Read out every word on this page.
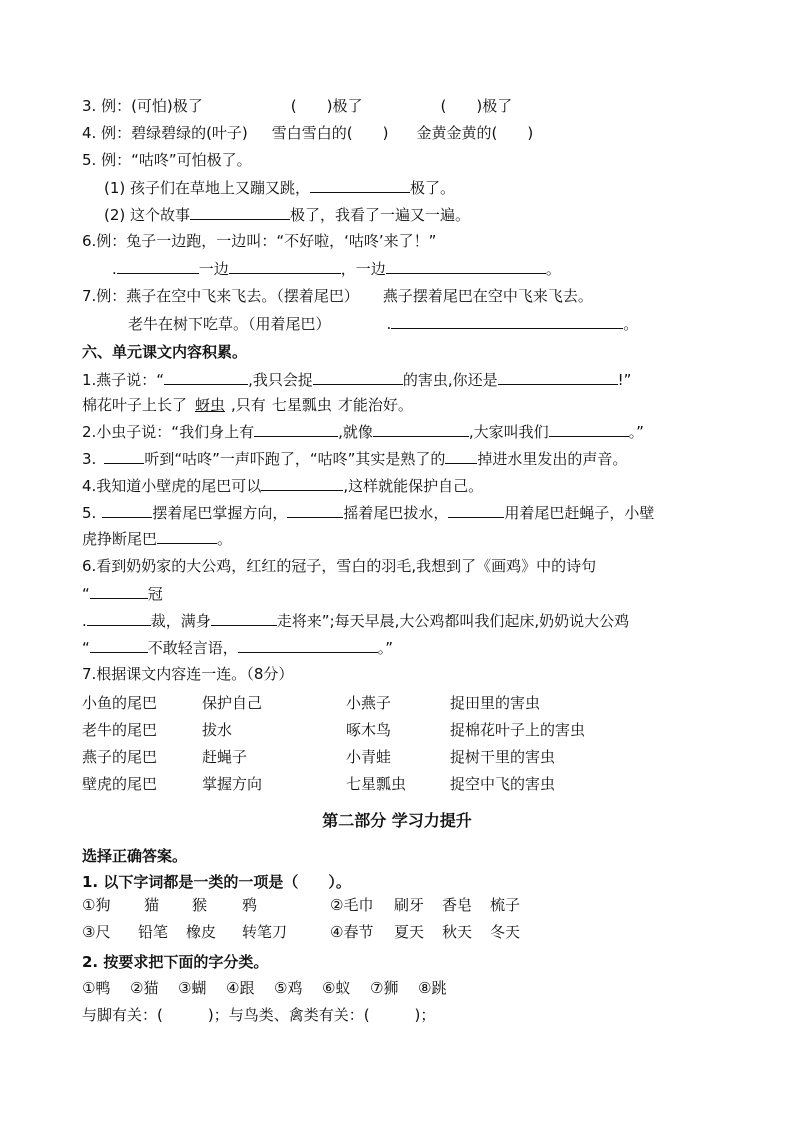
3. 例：(可怕)极了	(　　)极了	(　　)极了
4. 例：碧绿碧绿的(叶子) 雪白雪白的(　　) 金黄金黄的(　　)
5. 例：“咕咚”可怕极了。
(1) 孩子们在草地上又蹦又跳，	极了。
(2) 这个故事	极了，我看了一遍又一遍。
6.例：兔子一边跑，一边叫：“不好啦，‘咕咚’来了！”
.	一边	，一边	。
7.例：燕子在空中飞来飞去。（摆着尾巴） 燕子摆着尾巴在空中飞来飞去。
老牛在树下吃草。（用着尾巴）	.	。
六、单元课文内容积累。
1.燕子说：“	,我只会捉	的害虫,你还是	!”
棉花叶子上长了 蚜虫 ,只有 七星瓢虫 才能治好。
2.小虫子说：“我们身上有	,就像	,大家叫我们	。”
3.	听到“咕咚”一声吓跑了，“咕咚”其实是熟了的 掉进水里发出的声音。
4.我知道小壁虎的尾巴可以	,这样就能保护自己。
5.	摆着尾巴掌握方向，	摇着尾巴拔水，	用着尾巴赶蝇子，小壁
虎挣断尾巴	。
6.看到奶奶家的大公鸡，红红的冠子，雪白的羽毛,我想到了《画鸡》中的诗句
“	冠
.	裁，满身	走将来”;每天早晨,大公鸡都叫我们起床,奶奶说大公鸡
“	不敢轻言语，	。”
7.根据课文内容连一连。（8分）
小鱼的尾巴	保护自己	小燕子	捉田里的害虫
老牛的尾巴	拔水	啄木鸟	捉棉花叶子上的害虫
燕子的尾巴	赶蝇子	小青蛙	捉树干里的害虫
壁虎的尾巴	掌握方向	七星瓢虫	捉空中飞的害虫
第二部分 学习力提升
选择正确答案。
1. 以下字词都是一类的一项是（　　）。
①狗 猫 猴 鸦	②毛巾 刷牙 香皂 梳子
③尺 铅笔 橡皮 转笔刀	④春节 夏天 秋天 冬天
2. 按要求把下面的字分类。
①鸭 ②猫 ③蝴 ④跟 ⑤鸡 ⑥蚁 ⑦狮 ⑧跳
与脚有关：(　　　)；与鸟类、禽类有关：(　　　)；
